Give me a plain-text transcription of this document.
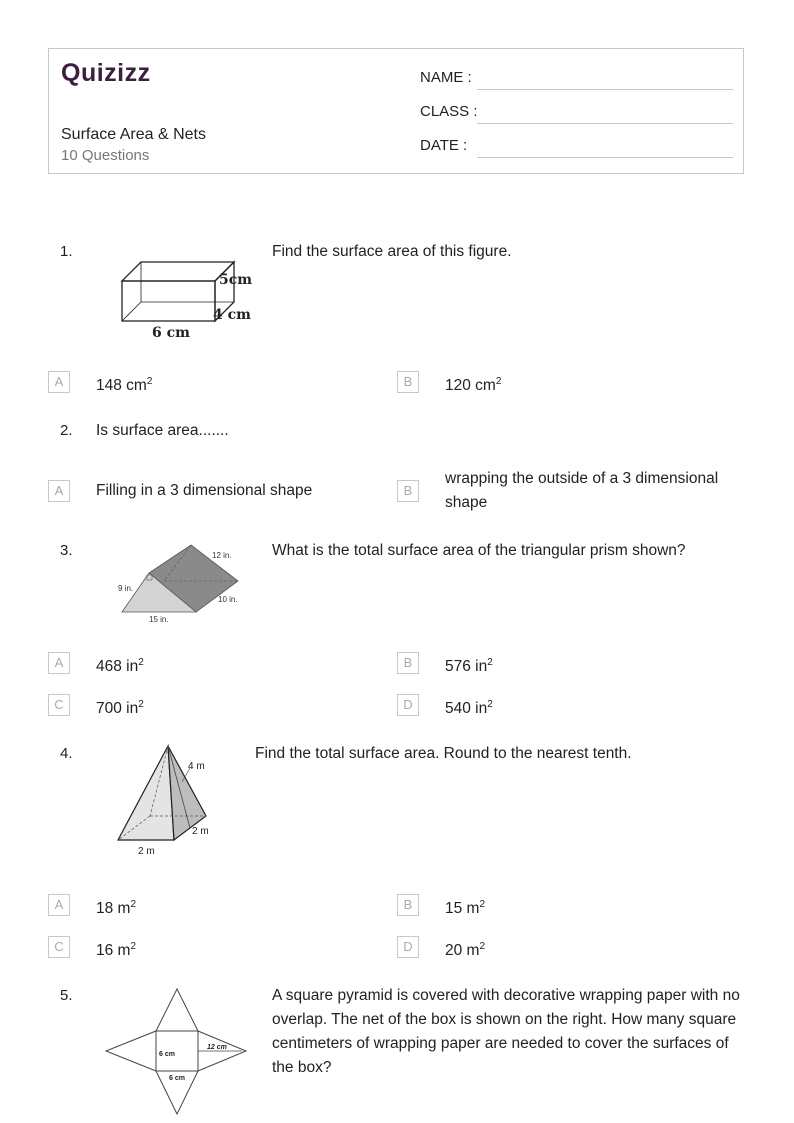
Quizizz
Surface Area & Nets
10 Questions
NAME :
CLASS :
DATE :
1.
5cm
4 cm
6 cm
Find the surface area of this figure.
A	148 $cm^2$	B	120 $cm^2$
2. Is surface area.......
A	Filling in a 3 dimensional shape	B
wrapping the outside of a 3 dimensional shape
3.	12 in.
9 in.
10 in.
15 in.
What is the total surface area of the triangular prism shown?
A	468 $in^2$	B	576 $in^2$
C	700 $in^2$	D	540 $in^2$
4.
4 m
2 m
2 m
Find the total surface area. Round to the nearest tenth.
A	18 $m^2$	B	15 $m^2$
C	16 $m^2$	D	20 $m^2$
5.
6 cm
12 cm
6 cm
A square pyramid is covered with decorative wrapping paper with no overlap. The net of the box is shown on the right. How many square centimeters of wrapping paper are needed to cover the surfaces of the box?
